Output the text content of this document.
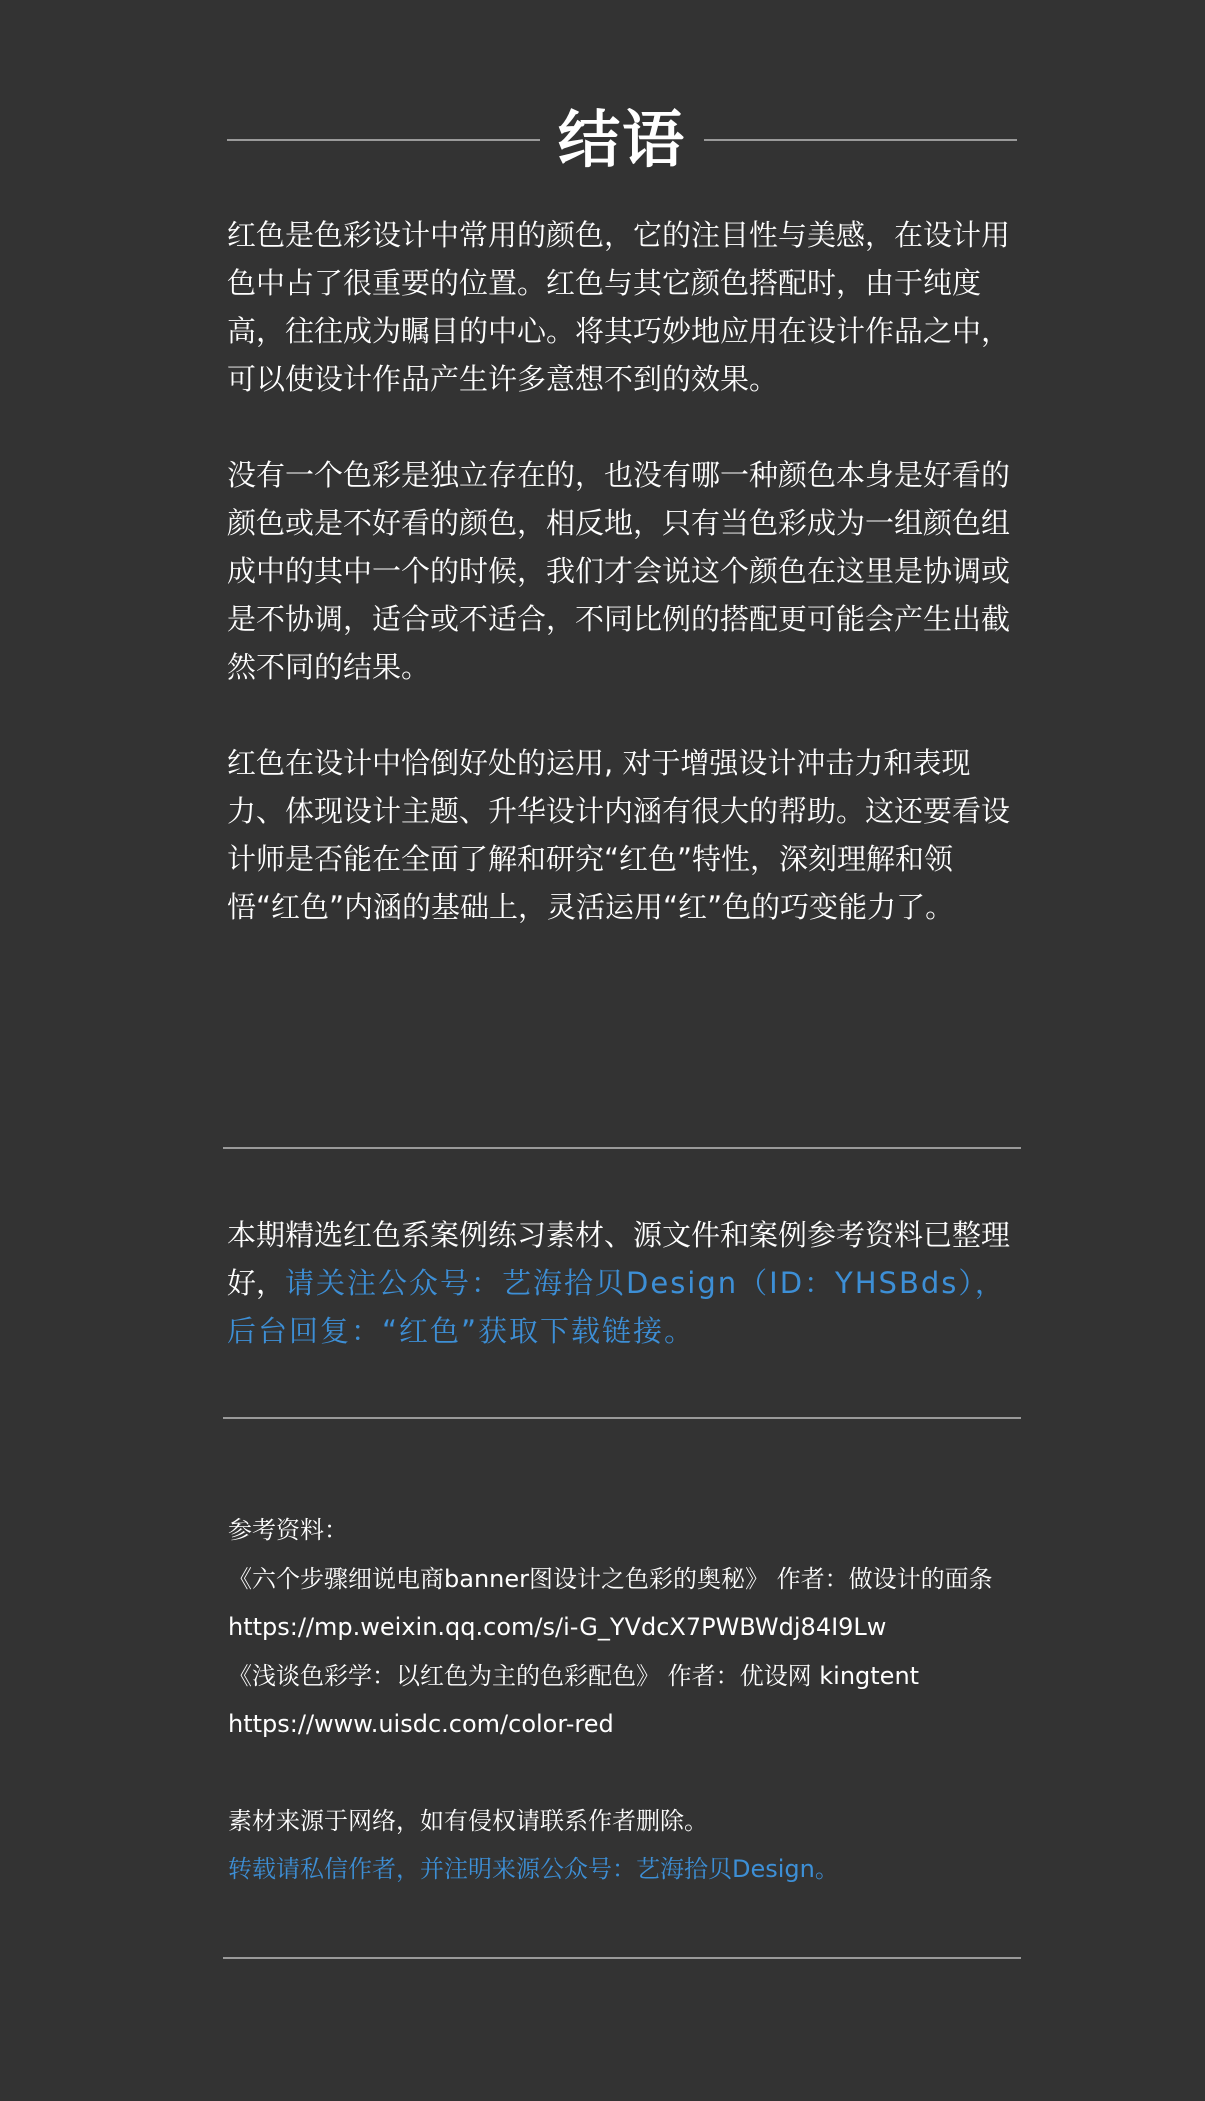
结语

红色是色彩设计中常用的颜色，它的注目性与美感，在设计用色中占了很重要的位置。红色与其它颜色搭配时，由于纯度高，往往成为瞩目的中心。将其巧妙地应用在设计作品之中，可以使设计作品产生许多意想不到的效果。

没有一个色彩是独立存在的，也没有哪一种颜色本身是好看的颜色或是不好看的颜色，相反地，只有当色彩成为一组颜色组成中的其中一个的时候，我们才会说这个颜色在这里是协调或是不协调，适合或不适合，不同比例的搭配更可能会产生出截然不同的结果。

红色在设计中恰倒好处的运用, 对于增强设计冲击力和表现力、体现设计主题、升华设计内涵有很大的帮助。这还要看设计师是否能在全面了解和研究“红色”特性，深刻理解和领悟“红色”内涵的基础上，灵活运用“红”色的巧变能力了。

本期精选红色系案例练习素材、源文件和案例参考资料已整理好，请关注公众号：艺海拾贝Design（ID：YHSBds），后台回复：“红色”获取下载链接。

参考资料：
《六个步骤细说电商banner图设计之色彩的奥秘》 作者：做设计的面条
https://mp.weixin.qq.com/s/i-G_YVdcX7PWBWdj84I9Lw
《浅谈色彩学：以红色为主的色彩配色》 作者：优设网 kingtent
https://www.uisdc.com/color-red
素材来源于网络，如有侵权请联系作者删除。
转载请私信作者，并注明来源公众号：艺海拾贝Design。
